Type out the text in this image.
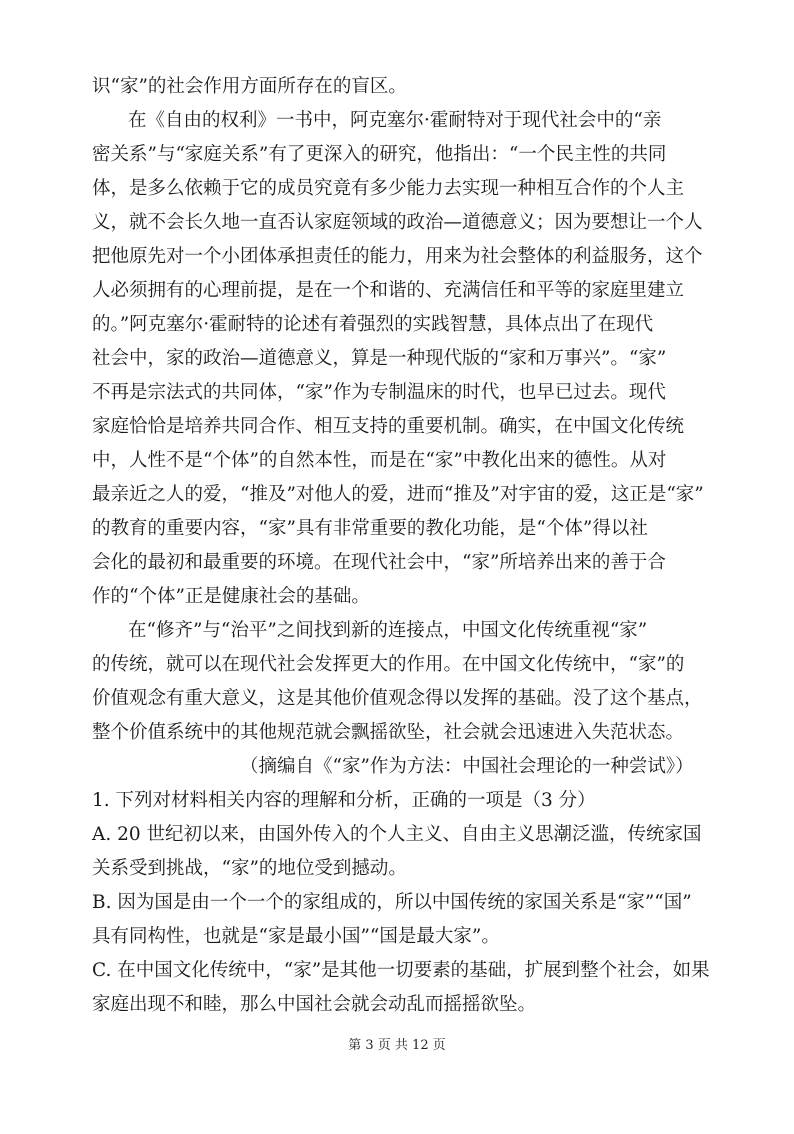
识“家”的社会作用方面所存在的盲区。
在《自由的权利》一书中，阿克塞尔·霍耐特对于现代社会中的“亲
密关系”与“家庭关系”有了更深入的研究，他指出：“一个民主性的共同
体，是多么依赖于它的成员究竟有多少能力去实现一种相互合作的个人主
义，就不会长久地一直否认家庭领域的政治—道德意义；因为要想让一个人
把他原先对一个小团体承担责任的能力，用来为社会整体的利益服务，这个
人必须拥有的心理前提，是在一个和谐的、充满信任和平等的家庭里建立
的。”阿克塞尔·霍耐特的论述有着强烈的实践智慧，具体点出了在现代
社会中，家的政治—道德意义，算是一种现代版的“家和万事兴”。“家”
不再是宗法式的共同体，“家”作为专制温床的时代，也早已过去。现代
家庭恰恰是培养共同合作、相互支持的重要机制。确实，在中国文化传统
中，人性不是“个体”的自然本性，而是在“家”中教化出来的德性。从对
最亲近之人的爱，“推及”对他人的爱，进而“推及”对宇宙的爱，这正是“家”
的教育的重要内容，“家”具有非常重要的教化功能，是“个体”得以社
会化的最初和最重要的环境。在现代社会中，“家”所培养出来的善于合
作的“个体”正是健康社会的基础。
在“修齐”与“治平”之间找到新的连接点，中国文化传统重视“家”
的传统，就可以在现代社会发挥更大的作用。在中国文化传统中，“家”的
价值观念有重大意义，这是其他价值观念得以发挥的基础。没了这个基点，
整个价值系统中的其他规范就会飘摇欲坠，社会就会迅速进入失范状态。
（摘编自《“家”作为方法：中国社会理论的一种尝试》）
1. 下列对材料相关内容的理解和分析，正确的一项是（3 分）
A. 20 世纪初以来，由国外传入的个人主义、自由主义思潮泛滥，传统家国
关系受到挑战，“家”的地位受到撼动。
B. 因为国是由一个一个的家组成的，所以中国传统的家国关系是“家”“国”
具有同构性，也就是“家是最小国”“国是最大家”。
C. 在中国文化传统中，“家”是其他一切要素的基础，扩展到整个社会，如果
家庭出现不和睦，那么中国社会就会动乱而摇摇欲坠。
第 3 页 共 12 页
